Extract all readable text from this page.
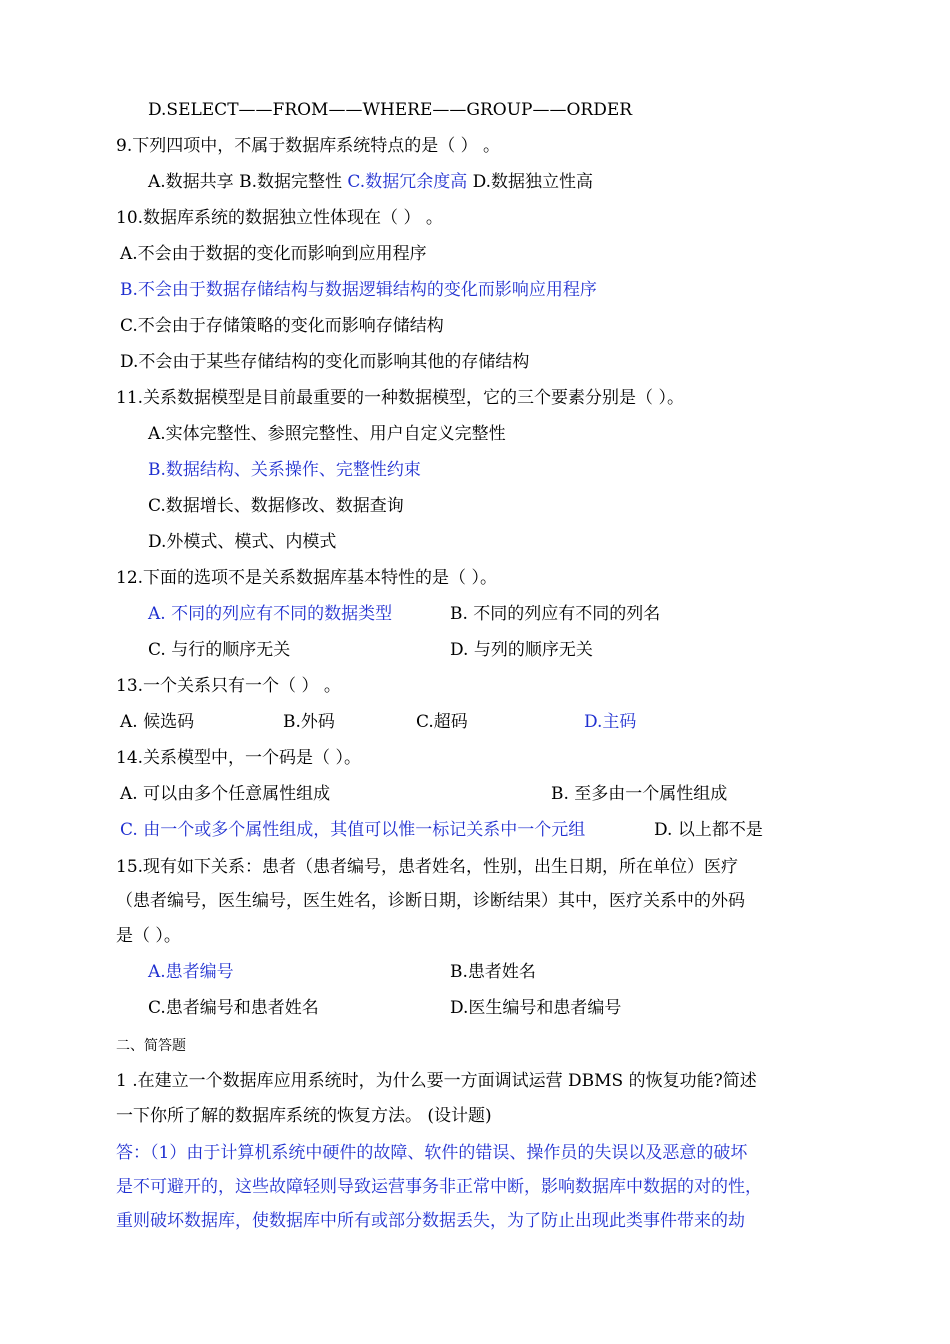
D.SELECT——FROM——WHERE——GROUP——ORDER
9.下列四项中，不属于数据库系统特点的是（ ） 。
A.数据共享 B.数据完整性 C.数据冗余度高 D.数据独立性高
10.数据库系统的数据独立性体现在（ ） 。
A.不会由于数据的变化而影响到应用程序
B.不会由于数据存储结构与数据逻辑结构的变化而影响应用程序
C.不会由于存储策略的变化而影响存储结构
D.不会由于某些存储结构的变化而影响其他的存储结构
11.关系数据模型是目前最重要的一种数据模型，它的三个要素分别是（ ）。
A.实体完整性、参照完整性、用户自定义完整性
B.数据结构、关系操作、完整性约束
C.数据增长、数据修改、数据查询
D.外模式、模式、内模式
12.下面的选项不是关系数据库基本特性的是（ ）。
A. 不同的列应有不同的数据类型	B. 不同的列应有不同的列名
C. 与行的顺序无关	D. 与列的顺序无关
13.一个关系只有一个（ ） 。
A. 候选码	B.外码	C.超码	D.主码
14.关系模型中，一个码是（ ）。
A. 可以由多个任意属性组成	B. 至多由一个属性组成
C. 由一个或多个属性组成，其值可以惟一标记关系中一个元组	D. 以上都不是
15.现有如下关系：患者（患者编号，患者姓名，性别，出生日期，所在单位）医疗
（患者编号，医生编号，医生姓名，诊断日期，诊断结果）其中，医疗关系中的外码
是（ ）。
A.患者编号	B.患者姓名
C.患者编号和患者姓名	D.医生编号和患者编号
二、简答题
1 .在建立一个数据库应用系统时，为什么要一方面调试运营 DBMS 的恢复功能?简述
一下你所了解的数据库系统的恢复方法。 (设计题)
答：（1）由于计算机系统中硬件的故障、软件的错误、操作员的失误以及恶意的破坏
是不可避开的，这些故障轻则导致运营事务非正常中断，影响数据库中数据的对的性，
重则破坏数据库，使数据库中所有或部分数据丢失，为了防止出现此类事件带来的劫
